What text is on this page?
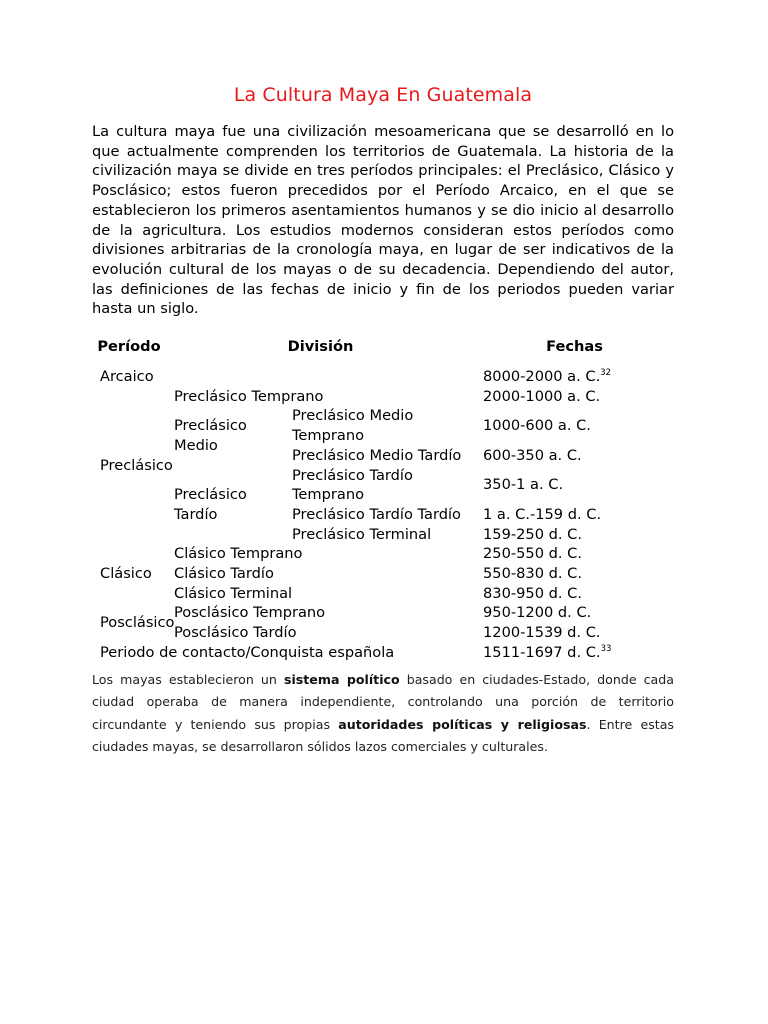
La Cultura Maya En Guatemala

La cultura maya fue una civilización mesoamericana que se desarrolló en lo que actualmente comprenden los territorios de Guatemala. La historia de la civilización maya se divide en tres períodos principales: el Preclásico, Clásico y Posclásico; estos fueron precedidos por el Período Arcaico, en el que se establecieron los primeros asentamientos humanos y se dio inicio al desarrollo de la agricultura. Los estudios modernos consideran estos períodos como divisiones arbitrarias de la cronología maya, en lugar de ser indicativos de la evolución cultural de los mayas o de su decadencia. Dependiendo del autor, las definiciones de las fechas de inicio y fin de los periodos pueden variar hasta un siglo.

Período	División		Fechas
Arcaico			8000-2000 a. C.$^{32}$
Preclásico	Preclásico Temprano		2000-1000 a. C.
	Preclásico Medio	Preclásico Medio Temprano	1000-600 a. C.
		Preclásico Medio Tardío	600-350 a. C.
	Preclásico Tardío	Preclásico Tardío Temprano	350-1 a. C.
		Preclásico Tardío Tardío	1 a. C.-159 d. C.
		Preclásico Terminal	159-250 d. C.
Clásico	Clásico Temprano		250-550 d. C.
	Clásico Tardío		550-830 d. C.
	Clásico Terminal		830-950 d. C.
Posclásico	Posclásico Temprano		950-1200 d. C.
	Posclásico Tardío		1200-1539 d. C.
Periodo de contacto/Conquista española			1511-1697 d. C.$^{33}$

Los mayas establecieron un sistema político basado en ciudades-Estado, donde cada ciudad operaba de manera independiente, controlando una porción de territorio circundante y teniendo sus propias autoridades políticas y religiosas. Entre estas ciudades mayas, se desarrollaron sólidos lazos comerciales y culturales.
